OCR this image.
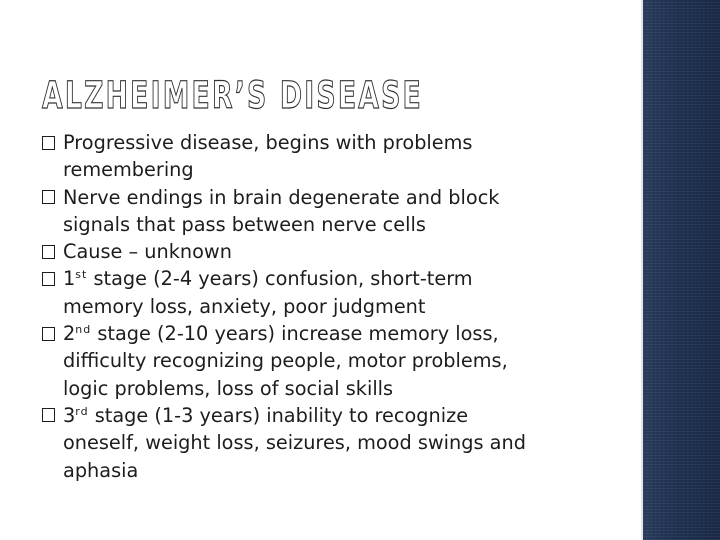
ALZHEIMER’S DISEASE
Progressive disease, begins with problems
remembering
Nerve endings in brain degenerate and block
signals that pass between nerve cells
Cause – unknown
1st stage (2-4 years) confusion, short-term
memory loss, anxiety, poor judgment
2nd stage (2-10 years) increase memory loss,
difficulty recognizing people, motor problems,
logic problems, loss of social skills
3rd stage (1-3 years) inability to recognize
oneself, weight loss, seizures, mood swings and
aphasia
